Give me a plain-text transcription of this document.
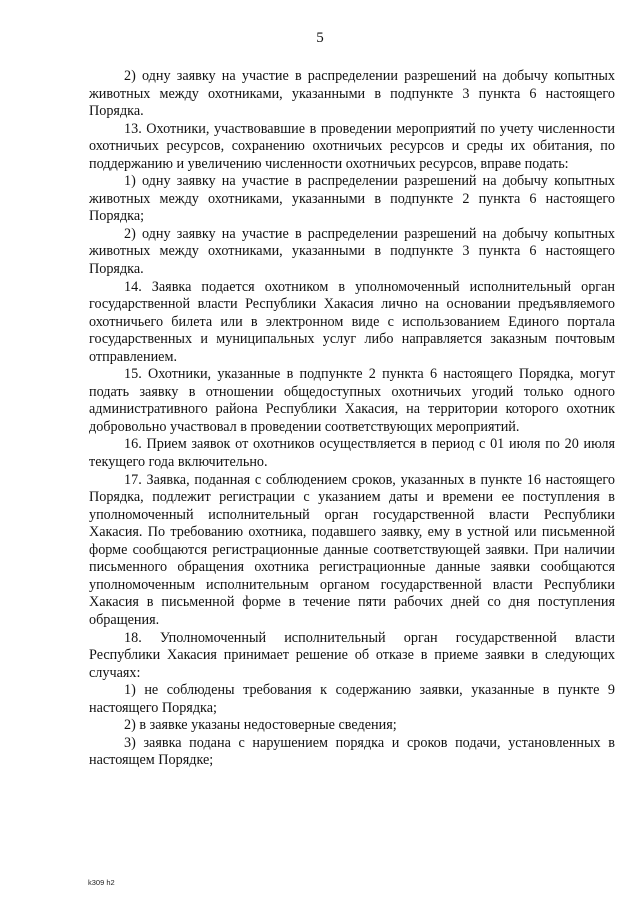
5

2) одну заявку на участие в распределении разрешений на добычу копытных животных между охотниками, указанными в подпункте 3 пункта 6 настоящего Порядка.

13. Охотники, участвовавшие в проведении мероприятий по учету численности охотничьих ресурсов, сохранению охотничьих ресурсов и среды их обитания, по поддержанию и увеличению численности охотничьих ресурсов, вправе подать:

1) одну заявку на участие в распределении разрешений на добычу копытных животных между охотниками, указанными в подпункте 2 пункта 6 настоящего Порядка;

2) одну заявку на участие в распределении разрешений на добычу копытных животных между охотниками, указанными в подпункте 3 пункта 6 настоящего Порядка.

14. Заявка подается охотником в уполномоченный исполнительный орган государственной власти Республики Хакасия лично на основании предъявляемого охотничьего билета или в электронном виде с использованием Единого портала государственных и муниципальных услуг либо направляется заказным почтовым отправлением.

15. Охотники, указанные в подпункте 2 пункта 6 настоящего Порядка, могут подать заявку в отношении общедоступных охотничьих угодий только одного административного района Республики Хакасия, на территории которого охотник добровольно участвовал в проведении соответствующих мероприятий.

16. Прием заявок от охотников осуществляется в период с 01 июля по 20 июля текущего года включительно.

17. Заявка, поданная с соблюдением сроков, указанных в пункте 16 настоящего Порядка, подлежит регистрации с указанием даты и времени ее поступления в уполномоченный исполнительный орган государственной власти Республики Хакасия. По требованию охотника, подавшего заявку, ему в устной или письменной форме сообщаются регистрационные данные соответствующей заявки. При наличии письменного обращения охотника регистрационные данные заявки сообщаются уполномоченным исполнительным органом государственной власти Республики Хакасия в письменной форме в течение пяти рабочих дней со дня поступления обращения.

18. Уполномоченный исполнительный орган государственной власти Республики Хакасия принимает решение об отказе в приеме заявки в следующих случаях:

1) не соблюдены требования к содержанию заявки, указанные в пункте 9 настоящего Порядка;

2) в заявке указаны недостоверные сведения;

3) заявка подана с нарушением порядка и сроков подачи, установленных в настоящем Порядке;

k309 h2
